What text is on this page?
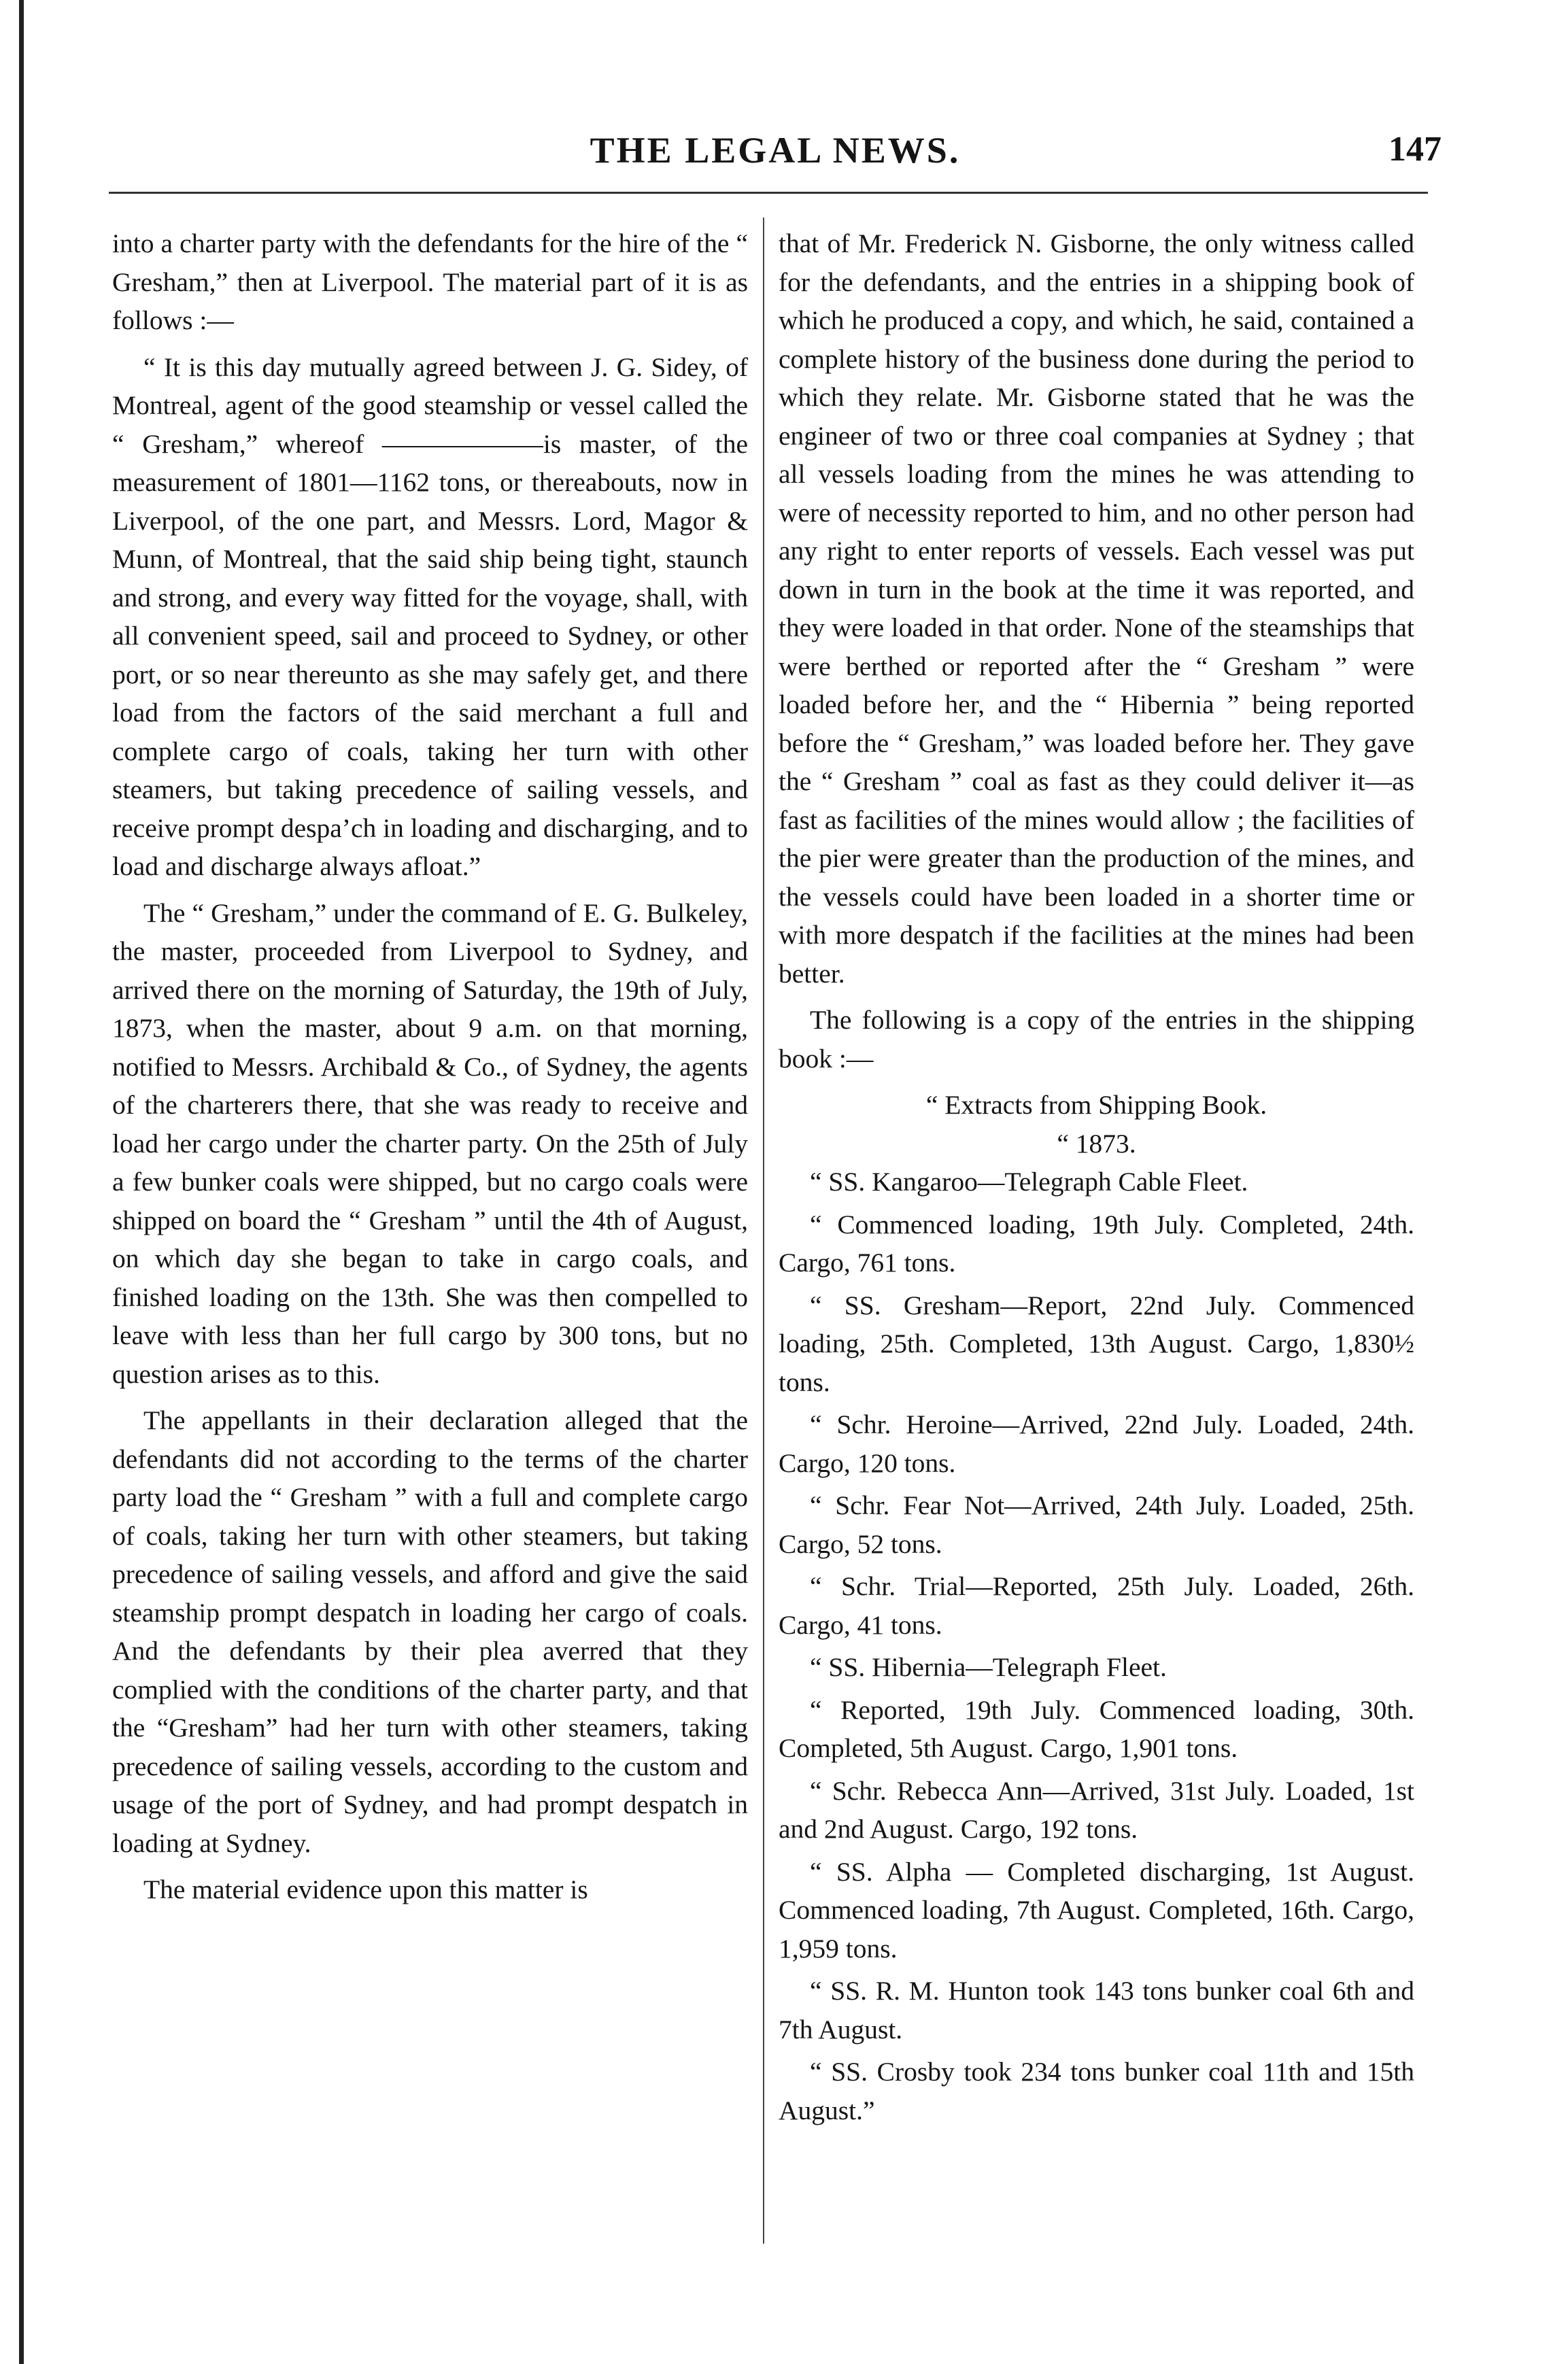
THE LEGAL NEWS.	147

into a charter party with the defendants for the hire of the “ Gresham,” then at Liverpool. The material part of it is as follows :—

“ It is this day mutually agreed between J. G. Sidey, of Montreal, agent of the good steamship or vessel called the “ Gresham,” whereof ——————is master, of the measurement of 1801—1162 tons, or thereabouts, now in Liverpool, of the one part, and Messrs. Lord, Magor & Munn, of Montreal, that the said ship being tight, staunch and strong, and every way fitted for the voyage, shall, with all convenient speed, sail and proceed to Sydney, or other port, or so near thereunto as she may safely get, and there load from the factors of the said merchant a full and complete cargo of coals, taking her turn with other steamers, but taking precedence of sailing vessels, and receive prompt despa’ch in loading and discharging, and to load and discharge always afloat.”

The “ Gresham,” under the command of E. G. Bulkeley, the master, proceeded from Liverpool to Sydney, and arrived there on the morning of Saturday, the 19th of July, 1873, when the master, about 9 a.m. on that morning, notified to Messrs. Archibald & Co., of Sydney, the agents of the charterers there, that she was ready to receive and load her cargo under the charter party. On the 25th of July a few bunker coals were shipped, but no cargo coals were shipped on board the “ Gresham ” until the 4th of August, on which day she began to take in cargo coals, and finished loading on the 13th. She was then compelled to leave with less than her full cargo by 300 tons, but no question arises as to this.

The appellants in their declaration alleged that the defendants did not according to the terms of the charter party load the “ Gresham ” with a full and complete cargo of coals, taking her turn with other steamers, but taking precedence of sailing vessels, and afford and give the said steamship prompt despatch in loading her cargo of coals. And the defendants by their plea averred that they complied with the conditions of the charter party, and that the “Gresham” had her turn with other steamers, taking precedence of sailing vessels, according to the custom and usage of the port of Sydney, and had prompt despatch in loading at Sydney.

The material evidence upon this matter is

that of Mr. Frederick N. Gisborne, the only witness called for the defendants, and the entries in a shipping book of which he produced a copy, and which, he said, contained a complete history of the business done during the period to which they relate. Mr. Gisborne stated that he was the engineer of two or three coal companies at Sydney ; that all vessels loading from the mines he was attending to were of necessity reported to him, and no other person had any right to enter reports of vessels. Each vessel was put down in turn in the book at the time it was reported, and they were loaded in that order. None of the steamships that were berthed or reported after the “ Gresham ” were loaded before her, and the “ Hibernia ” being reported before the “ Gresham,” was loaded before her. They gave the “ Gresham ” coal as fast as they could deliver it—as fast as facilities of the mines would allow ; the facilities of the pier were greater than the production of the mines, and the vessels could have been loaded in a shorter time or with more despatch if the facilities at the mines had been better.

The following is a copy of the entries in the shipping book :—

“ Extracts from Shipping Book.

“ 1873.

“ SS. Kangaroo—Telegraph Cable Fleet.

“ Commenced loading, 19th July. Completed, 24th. Cargo, 761 tons.

“ SS. Gresham—Report, 22nd July. Commenced loading, 25th. Completed, 13th August. Cargo, 1,830½ tons.

“ Schr. Heroine—Arrived, 22nd July. Loaded, 24th. Cargo, 120 tons.

“ Schr. Fear Not—Arrived, 24th July. Loaded, 25th. Cargo, 52 tons.

“ Schr. Trial—Reported, 25th July. Loaded, 26th. Cargo, 41 tons.

“ SS. Hibernia—Telegraph Fleet.

“ Reported, 19th July. Commenced loading, 30th. Completed, 5th August. Cargo, 1,901 tons.

“ Schr. Rebecca Ann—Arrived, 31st July. Loaded, 1st and 2nd August. Cargo, 192 tons.

“ SS. Alpha — Completed discharging, 1st August. Commenced loading, 7th August. Completed, 16th. Cargo, 1,959 tons.

“ SS. R. M. Hunton took 143 tons bunker coal 6th and 7th August.

“ SS. Crosby took 234 tons bunker coal 11th and 15th August.”
